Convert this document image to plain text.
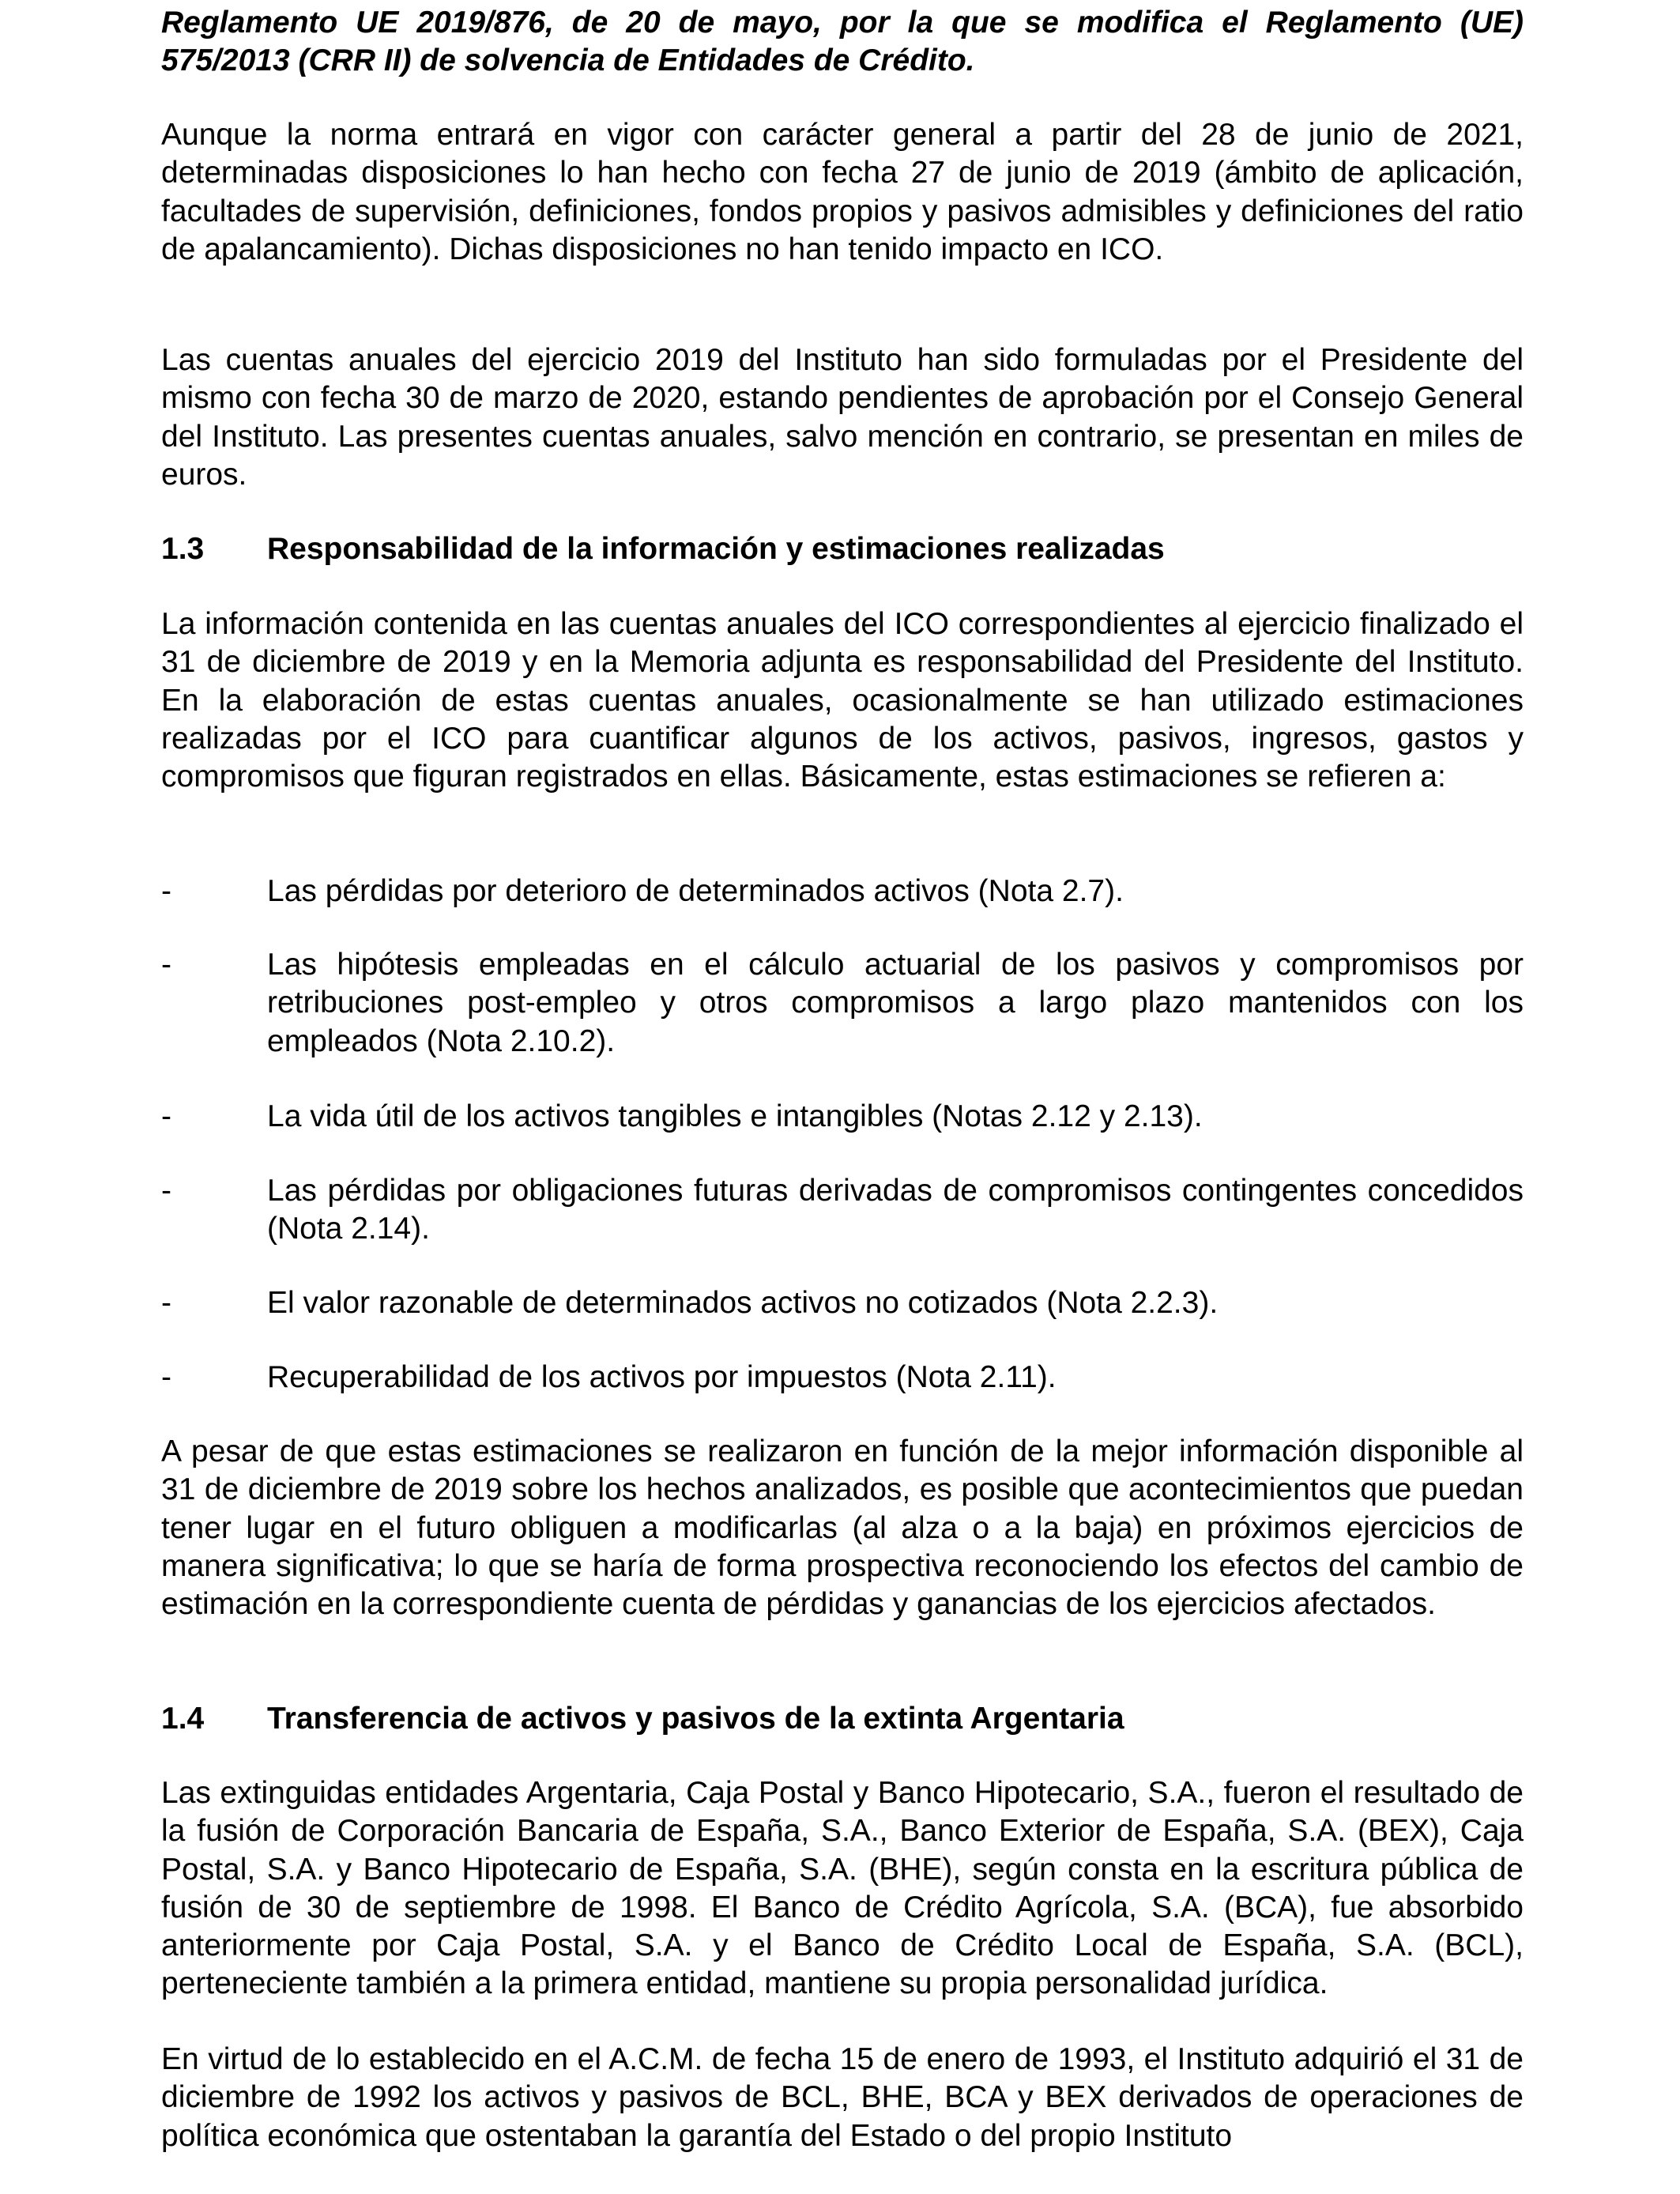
Reglamento UE 2019/876, de 20 de mayo, por la que se modifica el Reglamento (UE) 575/2013 (CRR II) de solvencia de Entidades de Crédito.

Aunque la norma entrará en vigor con carácter general a partir del 28 de junio de 2021, determinadas disposiciones lo han hecho con fecha 27 de junio de 2019 (ámbito de aplicación, facultades de supervisión, definiciones, fondos propios y pasivos admisibles y definiciones del ratio de apalancamiento). Dichas disposiciones no han tenido impacto en ICO.

Las cuentas anuales del ejercicio 2019 del Instituto han sido formuladas por el Presidente del mismo con fecha 30 de marzo de 2020, estando pendientes de aprobación por el Consejo General del Instituto. Las presentes cuentas anuales, salvo mención en contrario, se presentan en miles de euros.

1.3 Responsabilidad de la información y estimaciones realizadas

La información contenida en las cuentas anuales del ICO correspondientes al ejercicio finalizado el 31 de diciembre de 2019 y en la Memoria adjunta es responsabilidad del Presidente del Instituto. En la elaboración de estas cuentas anuales, ocasionalmente se han utilizado estimaciones realizadas por el ICO para cuantificar algunos de los activos, pasivos, ingresos, gastos y compromisos que figuran registrados en ellas. Básicamente, estas estimaciones se refieren a:

-	Las pérdidas por deterioro de determinados activos (Nota 2.7).

-	Las hipótesis empleadas en el cálculo actuarial de los pasivos y compromisos por retribuciones post-empleo y otros compromisos a largo plazo mantenidos con los empleados (Nota 2.10.2).

-	La vida útil de los activos tangibles e intangibles (Notas 2.12 y 2.13).

-	Las pérdidas por obligaciones futuras derivadas de compromisos contingentes concedidos (Nota 2.14).

-	El valor razonable de determinados activos no cotizados (Nota 2.2.3).

-	Recuperabilidad de los activos por impuestos (Nota 2.11).

A pesar de que estas estimaciones se realizaron en función de la mejor información disponible al 31 de diciembre de 2019 sobre los hechos analizados, es posible que acontecimientos que puedan tener lugar en el futuro obliguen a modificarlas (al alza o a la baja) en próximos ejercicios de manera significativa; lo que se haría de forma prospectiva reconociendo los efectos del cambio de estimación en la correspondiente cuenta de pérdidas y ganancias de los ejercicios afectados.

1.4 Transferencia de activos y pasivos de la extinta Argentaria

Las extinguidas entidades Argentaria, Caja Postal y Banco Hipotecario, S.A., fueron el resultado de la fusión de Corporación Bancaria de España, S.A., Banco Exterior de España, S.A. (BEX), Caja Postal, S.A. y Banco Hipotecario de España, S.A. (BHE), según consta en la escritura pública de fusión de 30 de septiembre de 1998. El Banco de Crédito Agrícola, S.A. (BCA), fue absorbido anteriormente por Caja Postal, S.A. y el Banco de Crédito Local de España, S.A. (BCL), perteneciente también a la primera entidad, mantiene su propia personalidad jurídica.

En virtud de lo establecido en el A.C.M. de fecha 15 de enero de 1993, el Instituto adquirió el 31 de diciembre de 1992 los activos y pasivos de BCL, BHE, BCA y BEX derivados de operaciones de política económica que ostentaban la garantía del Estado o del propio Instituto
